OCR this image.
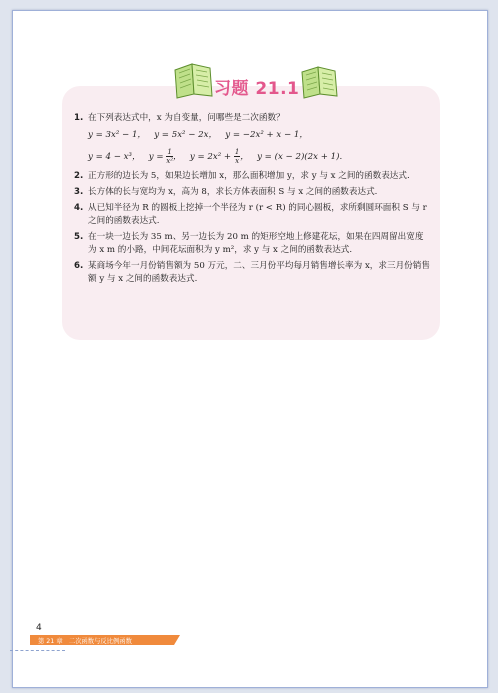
习题 21.1
1. 在下列表达式中，x 为自变量，问哪些是二次函数？
y = 3x² − 1， y = 5x² − 2x， y = −2x² + x − 1，
y = 4 − x³， $y = \frac{1}{\text{x²}}$ ， $y = 2x^2 + \frac{1}{x}$ ， y = (x − 2)(2x + 1).
2. 正方形的边长为 5，如果边长增加 x，那么面积增加 y，求 y 与 x 之间的函数表达式.
3. 长方体的长与宽均为 x，高为 8，求长方体表面积 S 与 x 之间的函数表达式.
4. 从已知半径为 R 的圆板上挖掉一个半径为 r (r < R) 的同心圆板，求所剩圆环面积 S 与 r 之间的函数表达式.
5. 在一块一边长为 35 m、另一边长为 20 m 的矩形空地上修建花坛，如果在四周留出宽度为 x m 的小路，中间花坛面积为 y m²，求 y 与 x 之间的函数表达式.
6. 某商场今年一月份销售额为 50 万元，二、三月份平均每月销售增长率为 x，求三月份销售额 y 与 x 之间的函数表达式.
4
第 21 章　二次函数与反比例函数
